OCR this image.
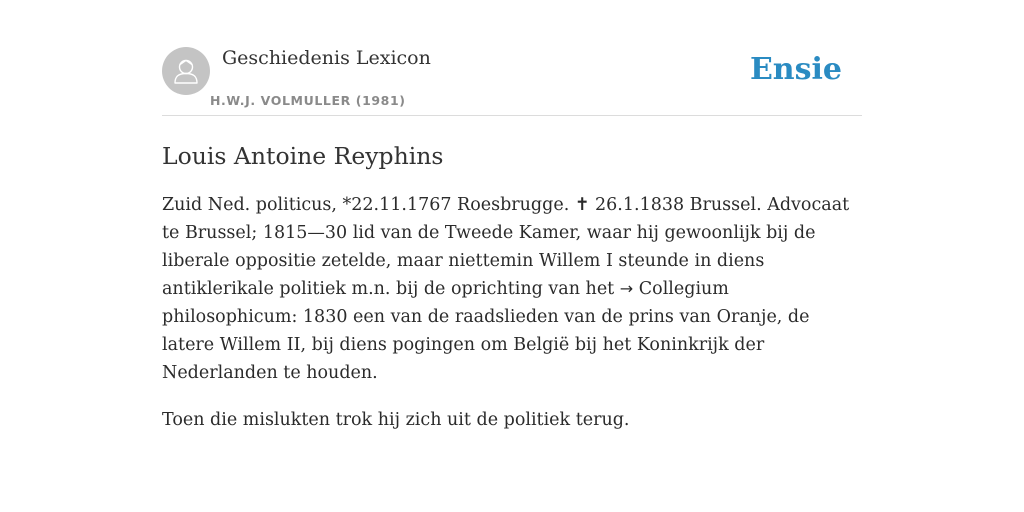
Geschiedenis Lexicon
H.W.J. VOLMULLER (1981)
Ensie
Louis Antoine Reyphins

Zuid Ned. politicus, *22.11.1767 Roesbrugge. ✝ 26.1.1838 Brussel. Advocaat te Brussel; 1815—30 lid van de Tweede Kamer, waar hij gewoonlijk bij de liberale oppositie zetelde, maar niettemin Willem I steunde in diens antiklerikale politiek m.n. bij de oprichting van het → Collegium philosophicum: 1830 een van de raadslieden van de prins van Oranje, de latere Willem II, bij diens pogingen om België bij het Koninkrijk der Nederlanden te houden.

Toen die mislukten trok hij zich uit de politiek terug.
